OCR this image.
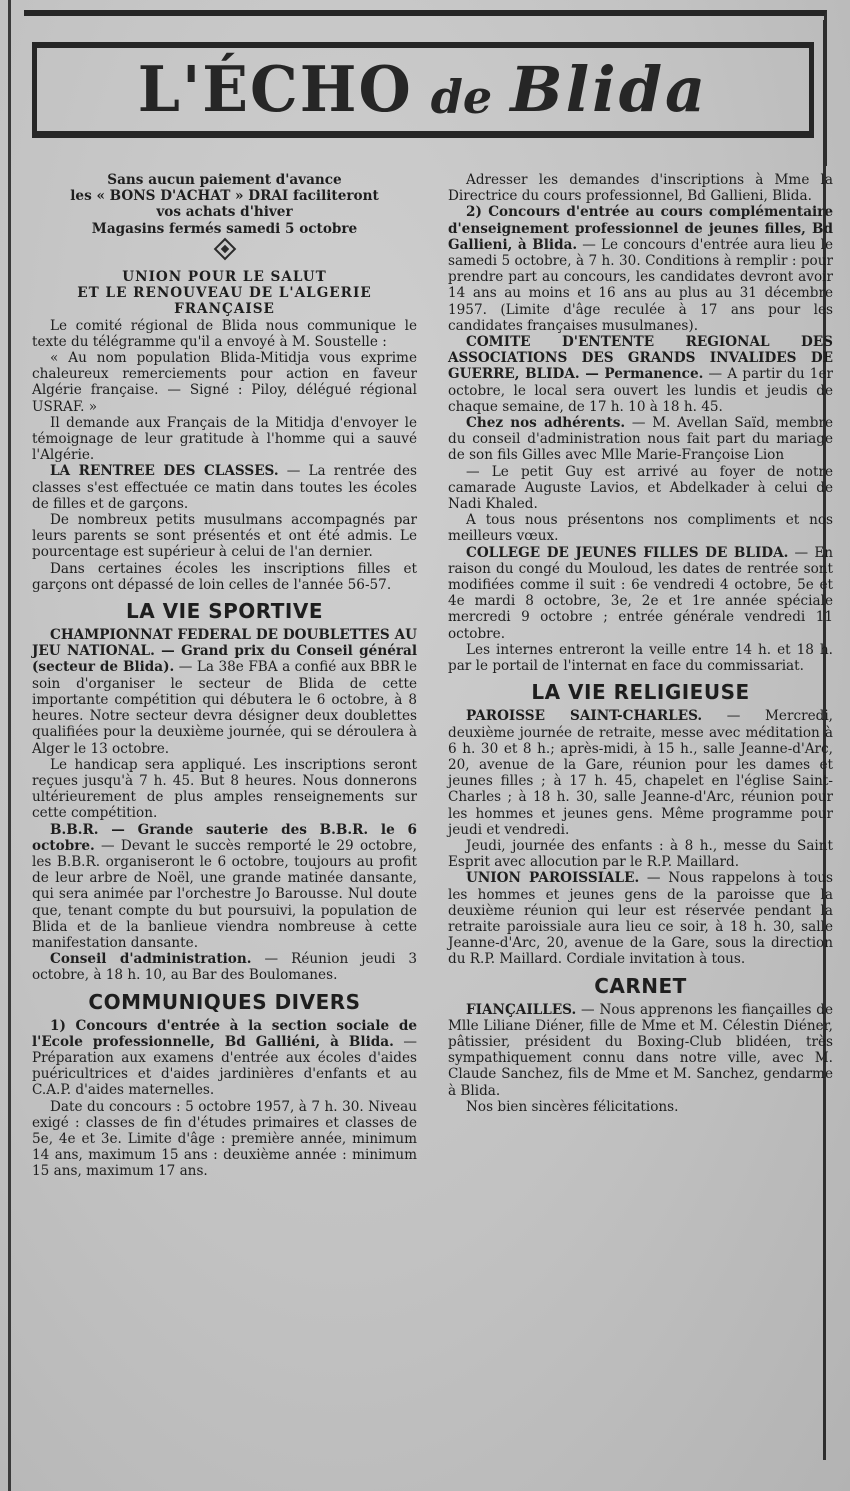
L'ÉCHO de Blida

Sans aucun paiement d'avance

les « BONS D'ACHAT » DRAI faciliteront

vos achats d'hiver

Magasins fermés samedi 5 octobre

UNION POUR LE SALUT

ET LE RENOUVEAU DE L'ALGERIE

FRANÇAISE

Le comité régional de Blida nous communique le texte du télégramme qu'il a envoyé à M. Soustelle :

« Au nom population Blida-Mitidja vous exprime chaleureux remerciements pour action en faveur Algérie française. — Signé : Piloy, délégué régional USRAF. »

Il demande aux Français de la Mitidja d'envoyer le témoignage de leur gratitude à l'homme qui a sauvé l'Algérie.

LA RENTREE DES CLASSES. — La rentrée des classes s'est effectuée ce matin dans toutes les écoles de filles et de garçons.

De nombreux petits musulmans accompagnés par leurs parents se sont présentés et ont été admis. Le pourcentage est supérieur à celui de l'an dernier.

Dans certaines écoles les inscriptions filles et garçons ont dépassé de loin celles de l'année 56-57.

LA VIE SPORTIVE

CHAMPIONNAT FEDERAL DE DOUBLETTES AU JEU NATIONAL. — Grand prix du Conseil général (secteur de Blida). — La 38e FBA a confié aux BBR le soin d'organiser le secteur de Blida de cette importante compétition qui débutera le 6 octobre, à 8 heures. Notre secteur devra désigner deux doublettes qualifiées pour la deuxième journée, qui se déroulera à Alger le 13 octobre.

Le handicap sera appliqué. Les inscriptions seront reçues jusqu'à 7 h. 45. But 8 heures. Nous donnerons ultérieurement de plus amples renseignements sur cette compétition.

B.B.R. — Grande sauterie des B.B.R. le 6 octobre. — Devant le succès remporté le 29 octobre, les B.B.R. organiseront le 6 octobre, toujours au profit de leur arbre de Noël, une grande matinée dansante, qui sera animée par l'orchestre Jo Barousse. Nul doute que, tenant compte du but poursuivi, la population de Blida et de la banlieue viendra nombreuse à cette manifestation dansante.

Conseil d'administration. — Réunion jeudi 3 octobre, à 18 h. 10, au Bar des Boulomanes.

COMMUNIQUES DIVERS

1) Concours d'entrée à la section sociale de l'Ecole professionnelle, Bd Galliéni, à Blida. — Préparation aux examens d'entrée aux écoles d'aides puéricultrices et d'aides jardinières d'enfants et au C.A.P. d'aides maternelles.

Date du concours : 5 octobre 1957, à 7 h. 30. Niveau exigé : classes de fin d'études primaires et classes de 5e, 4e et 3e. Limite d'âge : première année, minimum 14 ans, maximum 15 ans : deuxième année : minimum 15 ans, maximum 17 ans.

Adresser les demandes d'inscriptions à Mme la Directrice du cours professionnel, Bd Gallieni, Blida.

2) Concours d'entrée au cours complémentaire d'enseignement professionnel de jeunes filles, Bd Gallieni, à Blida. — Le concours d'entrée aura lieu le samedi 5 octobre, à 7 h. 30. Conditions à remplir : pour prendre part au concours, les candidates devront avoir 14 ans au moins et 16 ans au plus au 31 décembre 1957. (Limite d'âge reculée à 17 ans pour les candidates françaises musulmanes).

COMITE D'ENTENTE REGIONAL DES ASSOCIATIONS DES GRANDS INVALIDES DE GUERRE, BLIDA. — Permanence. — A partir du 1er octobre, le local sera ouvert les lundis et jeudis de chaque semaine, de 17 h. 10 à 18 h. 45.

Chez nos adhérents. — M. Avellan Saïd, membre du conseil d'administration nous fait part du mariage de son fils Gilles avec Mlle Marie-Françoise Lion

— Le petit Guy est arrivé au foyer de notre camarade Auguste Lavios, et Abdelkader à celui de Nadi Khaled.

A tous nous présentons nos compliments et nos meilleurs vœux.

COLLEGE DE JEUNES FILLES DE BLIDA. — En raison du congé du Mouloud, les dates de rentrée sont modifiées comme il suit : 6e vendredi 4 octobre, 5e et 4e mardi 8 octobre, 3e, 2e et 1re année spéciale mercredi 9 octobre ; entrée générale vendredi 11 octobre.

Les internes entreront la veille entre 14 h. et 18 h. par le portail de l'internat en face du commissariat.

LA VIE RELIGIEUSE

PAROISSE SAINT-CHARLES. — Mercredi, deuxième journée de retraite, messe avec méditation à 6 h. 30 et 8 h.; après-midi, à 15 h., salle Jeanne-d'Arc, 20, avenue de la Gare, réunion pour les dames et jeunes filles ; à 17 h. 45, chapelet en l'église Saint-Charles ; à 18 h. 30, salle Jeanne-d'Arc, réunion pour les hommes et jeunes gens. Même programme pour jeudi et vendredi.

Jeudi, journée des enfants : à 8 h., messe du Saint Esprit avec allocution par le R.P. Maillard.

UNION PAROISSIALE. — Nous rappelons à tous les hommes et jeunes gens de la paroisse que la deuxième réunion qui leur est réservée pendant la retraite paroissiale aura lieu ce soir, à 18 h. 30, salle Jeanne-d'Arc, 20, avenue de la Gare, sous la direction du R.P. Maillard. Cordiale invitation à tous.

CARNET

FIANÇAILLES. — Nous apprenons les fiançailles de Mlle Liliane Diéner, fille de Mme et M. Célestin Diéner, pâtissier, président du Boxing-Club blidéen, très sympathiquement connu dans notre ville, avec M. Claude Sanchez, fils de Mme et M. Sanchez, gendarme à Blida.

Nos bien sincères félicitations.
